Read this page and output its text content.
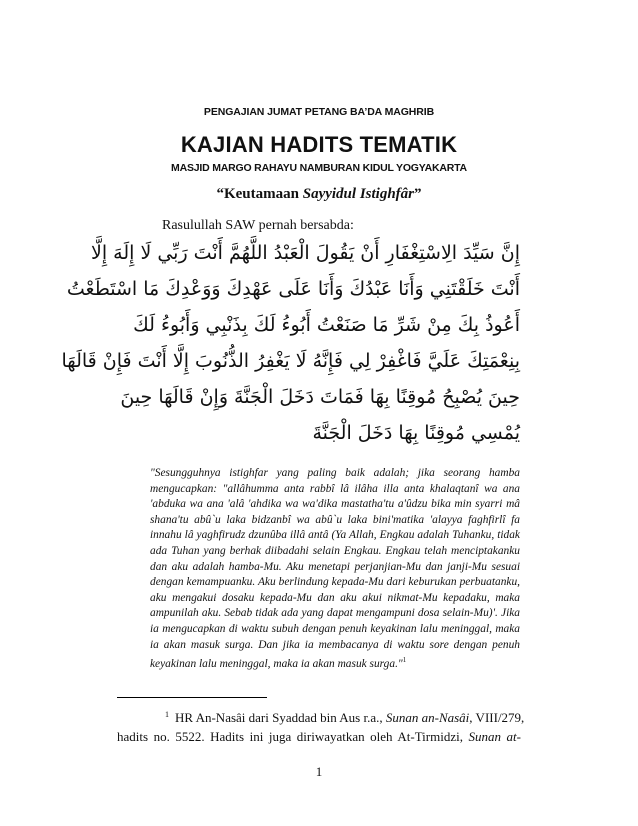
PENGAJIAN JUMAT PETANG BA’DA MAGHRIB
KAJIAN HADITS TEMATIK
MASJID MARGO RAHAYU NAMBURAN KIDUL YOGYAKARTA
“Keutamaan Sayyidul Istighfâr”
Rasulullah SAW pernah bersabda:
إِنَّ سَيِّدَ الِاسْتِغْفَارِ أَنْ يَقُولَ الْعَبْدُ اللَّهُمَّ أَنْتَ رَبِّي لَا إِلَهَ إِلَّا
أَنْتَ خَلَقْتَنِي وَأَنَا عَبْدُكَ وَأَنَا عَلَى عَهْدِكَ وَوَعْدِكَ مَا اسْتَطَعْتُ
أَعُوذُ بِكَ مِنْ شَرِّ مَا صَنَعْتُ أَبُوءُ لَكَ بِذَنْبِي وَأَبُوءُ لَكَ
بِنِعْمَتِكَ عَلَيَّ فَاغْفِرْ لِي فَإِنَّهُ لَا يَغْفِرُ الذُّنُوبَ إِلَّا أَنْتَ فَإِنْ قَالَهَا
حِينَ يُصْبِحُ مُوقِنًا بِهَا فَمَاتَ دَخَلَ الْجَنَّةَ وَإِنْ قَالَهَا حِينَ
يُمْسِي مُوقِنًا بِهَا دَخَلَ الْجَنَّةَ

"Sesungguhnya istighfar yang paling baik adalah; jika seorang hamba mengucapkan: "allâhumma anta rabbî lâ ilâha illa anta khalaqtanî wa ana 'abduka wa ana 'alâ 'ahdika wa wa'dika mastatha'tu a'ûdzu bika min syarri mâ shana'tu abû`u laka bidzanbî wa abû`u laka bini'matika 'alayya faghfirlî fa innahu lâ yaghfirudz dzunûba illâ antâ (Ya Allah, Engkau adalah Tuhanku, tidak ada Tuhan yang berhak diibadahi selain Engkau. Engkau telah menciptakanku dan aku adalah hamba-Mu. Aku menetapi perjanjian-Mu dan janji-Mu sesuai dengan kemampuanku. Aku berlindung kepada-Mu dari keburukan perbuatanku, aku mengakui dosaku kepada-Mu dan aku akui nikmat-Mu kepadaku, maka ampunilah aku. Sebab tidak ada yang dapat mengampuni dosa selain-Mu)'. Jika ia mengucapkan di waktu subuh dengan penuh keyakinan lalu meninggal, maka ia akan masuk surga. Dan jika ia membacanya di waktu sore dengan penuh keyakinan lalu meninggal, maka ia akan masuk surga."$^1$

$^1$ HR An-Nasâi dari Syaddad bin Aus r.a., Sunan an-Nasâi, VIII/279,
hadits no. 5522. Hadits ini juga diriwayatkan oleh At-Tirmidzi, Sunan at-
1
